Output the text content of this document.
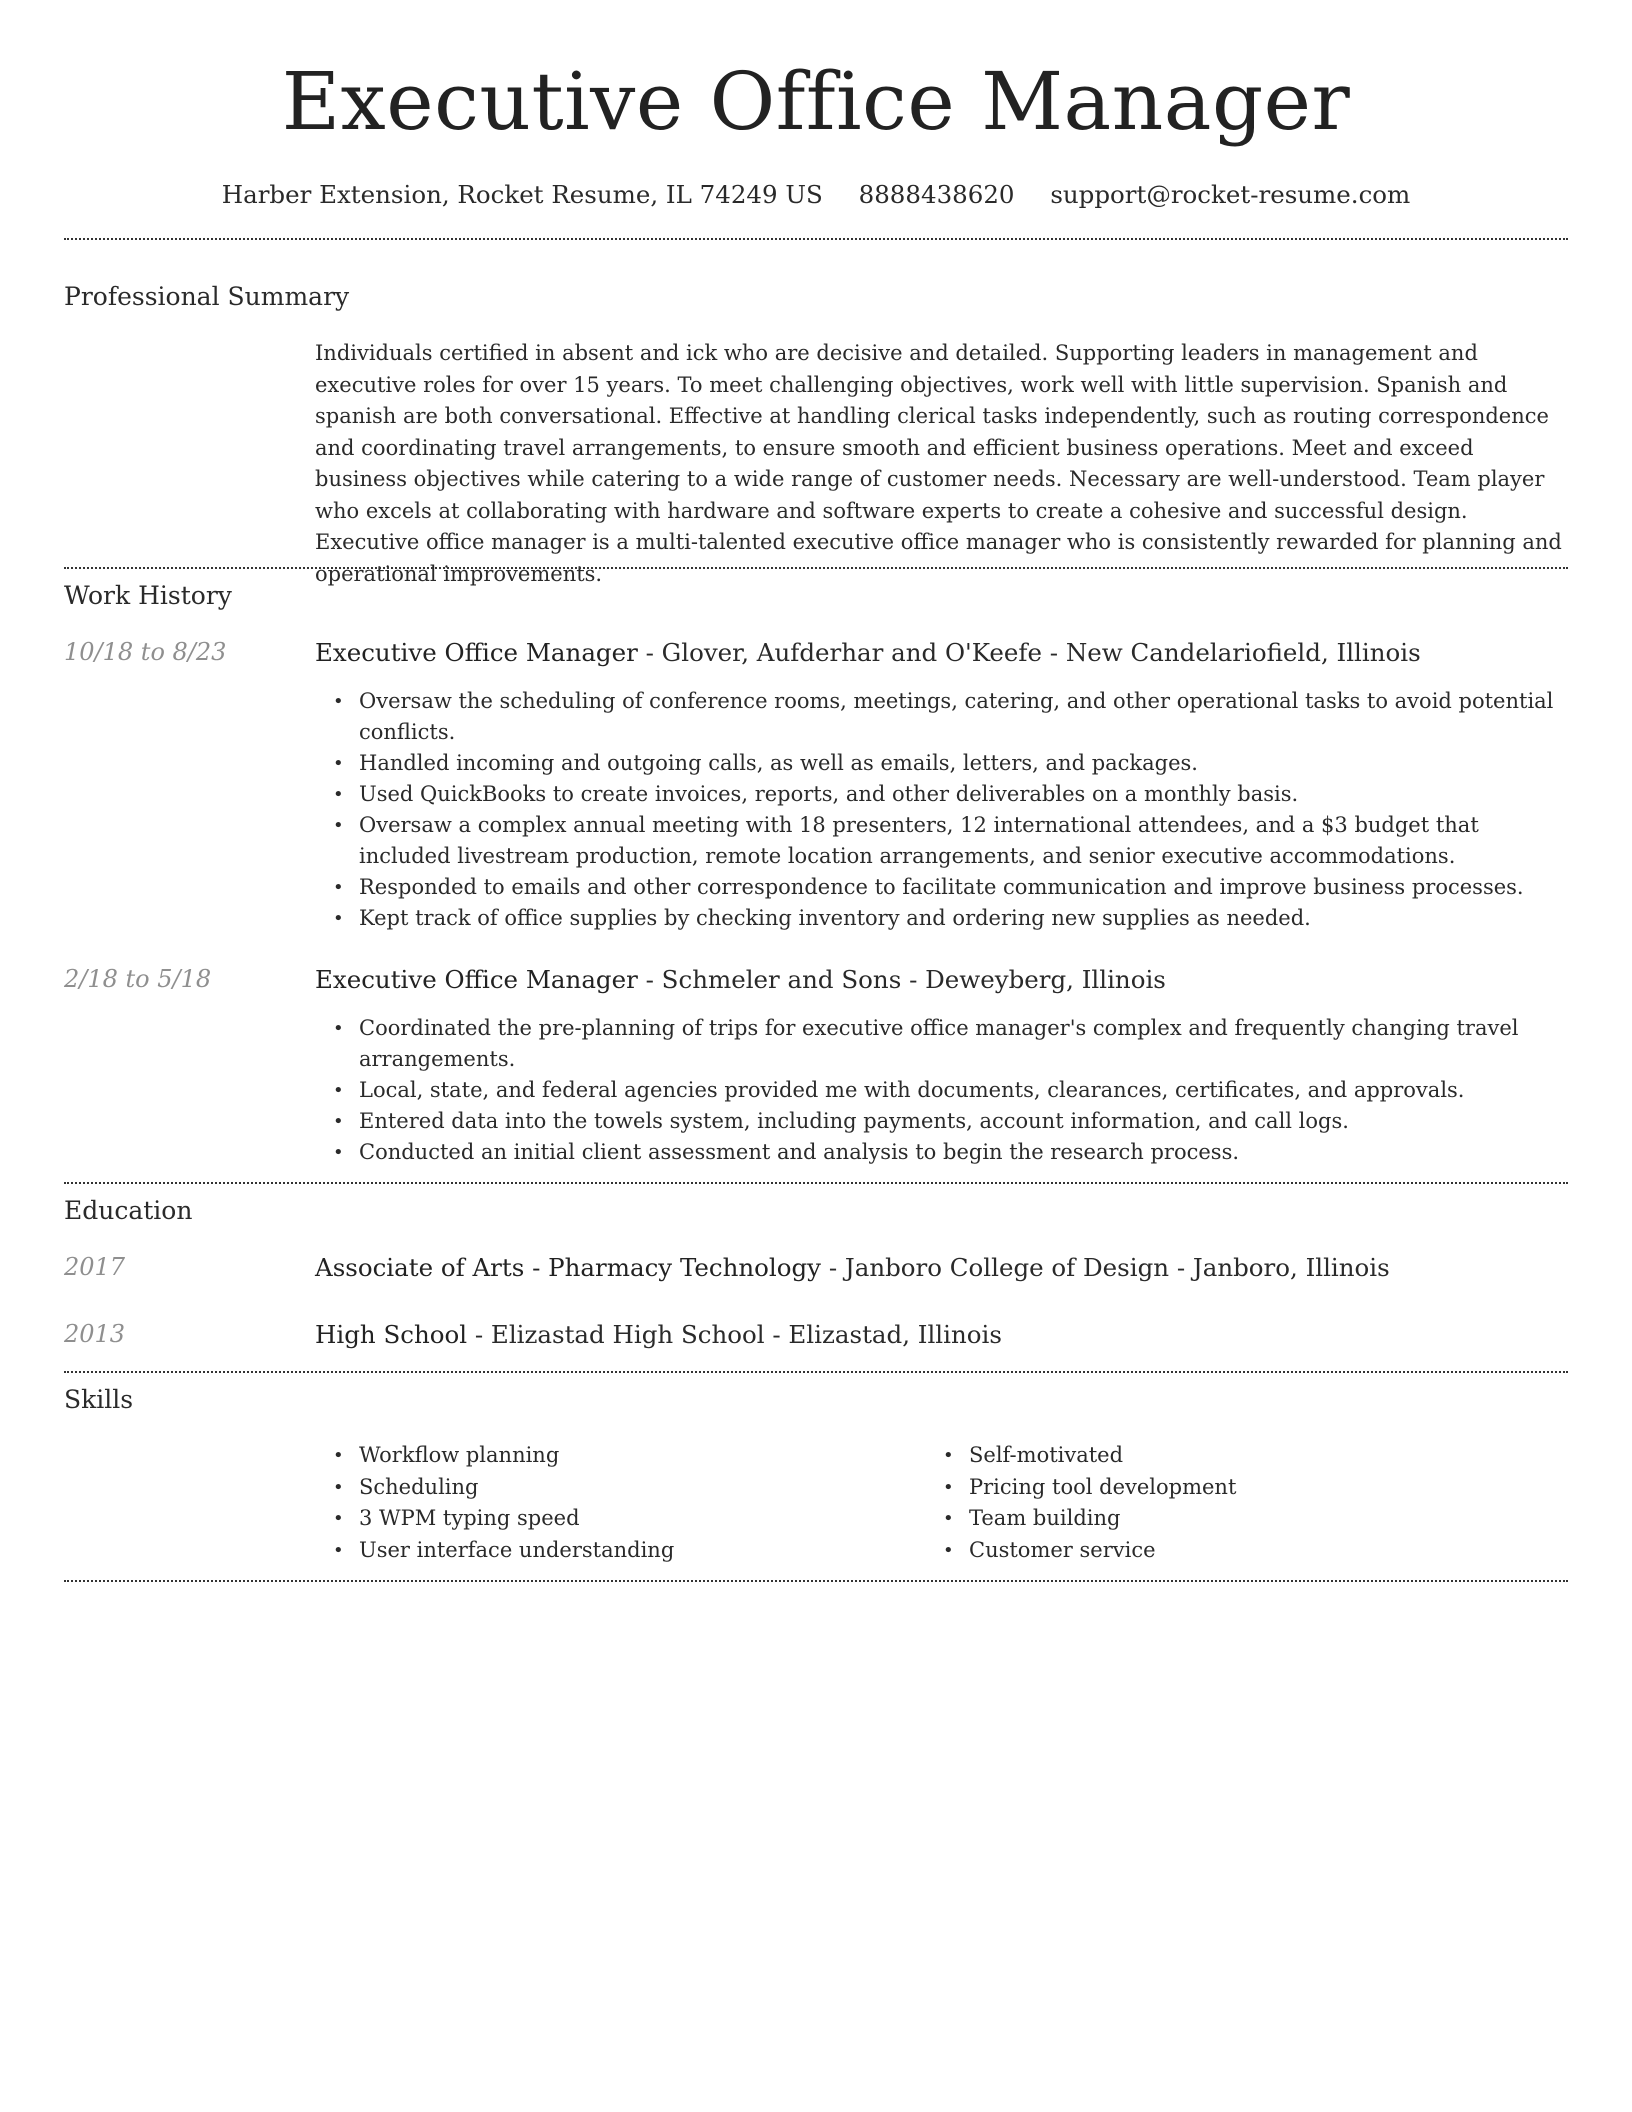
Executive Office Manager
Harber Extension, Rocket Resume, IL 74249 US 8888438620 support@rocket-resume.com
Professional Summary
Individuals certified in absent and ick who are decisive and detailed. Supporting leaders in management and executive roles for over 15 years. To meet challenging objectives, work well with little supervision. Spanish and spanish are both conversational. Effective at handling clerical tasks independently, such as routing correspondence and coordinating travel arrangements, to ensure smooth and efficient business operations. Meet and exceed business objectives while catering to a wide range of customer needs. Necessary are well-understood. Team player who excels at collaborating with hardware and software experts to create a cohesive and successful design. Executive office manager is a multi-talented executive office manager who is consistently rewarded for planning and operational improvements.
Work History
10/18 to 8/23	Executive Office Manager - Glover, Aufderhar and O'Keefe - New Candelariofield, Illinois
• Oversaw the scheduling of conference rooms, meetings, catering, and other operational tasks to avoid potential conflicts.
• Handled incoming and outgoing calls, as well as emails, letters, and packages.
• Used QuickBooks to create invoices, reports, and other deliverables on a monthly basis.
• Oversaw a complex annual meeting with 18 presenters, 12 international attendees, and a $3 budget that included livestream production, remote location arrangements, and senior executive accommodations.
• Responded to emails and other correspondence to facilitate communication and improve business processes.
• Kept track of office supplies by checking inventory and ordering new supplies as needed.
2/18 to 5/18	Executive Office Manager - Schmeler and Sons - Deweyberg, Illinois
• Coordinated the pre-planning of trips for executive office manager's complex and frequently changing travel arrangements.
• Local, state, and federal agencies provided me with documents, clearances, certificates, and approvals.
• Entered data into the towels system, including payments, account information, and call logs.
• Conducted an initial client assessment and analysis to begin the research process.
Education
2017	Associate of Arts - Pharmacy Technology - Janboro College of Design - Janboro, Illinois
2013	High School - Elizastad High School - Elizastad, Illinois
Skills
• Workflow planning
• Scheduling
• 3 WPM typing speed
• User interface understanding
• Self-motivated
• Pricing tool development
• Team building
• Customer service
